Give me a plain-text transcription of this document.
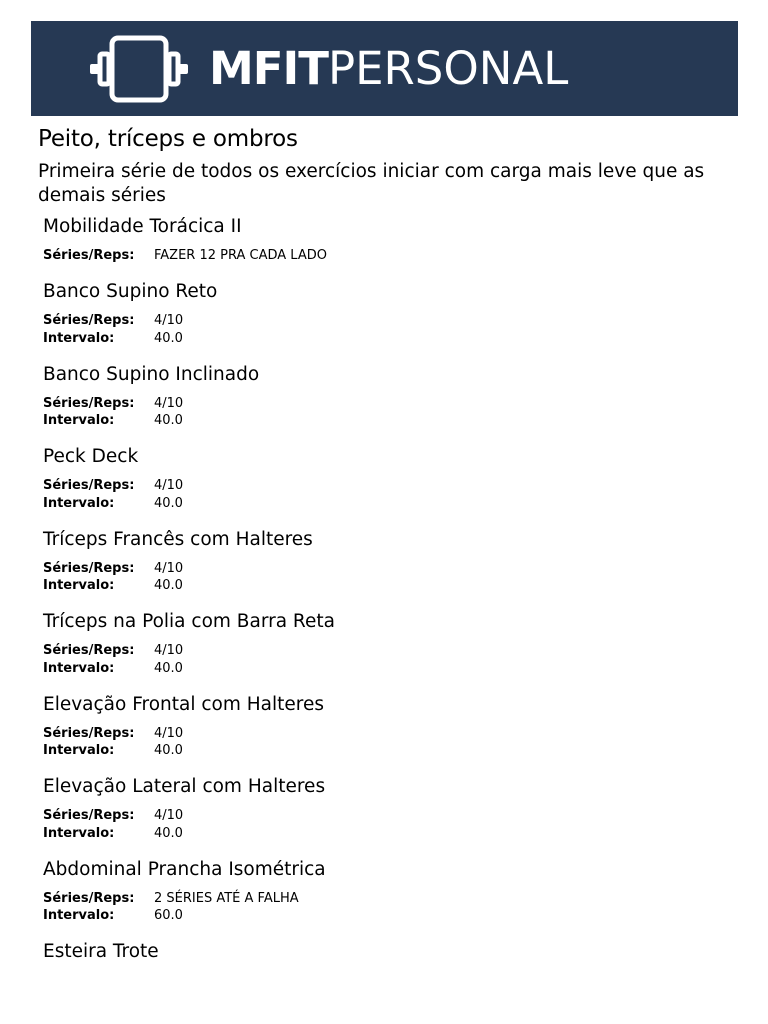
MFITPERSONAL
Peito, tríceps e ombros

Primeira série de todos os exercícios iniciar com carga mais leve que as demais séries

Mobilidade Torácica II
Séries/Reps: FAZER 12 PRA CADA LADO
Banco Supino Reto
Séries/Reps: 4/10
Intervalo:	40.0
Banco Supino Inclinado
Séries/Reps: 4/10
Intervalo:	40.0
Peck Deck
Séries/Reps: 4/10
Intervalo:	40.0
Tríceps Francês com Halteres
Séries/Reps: 4/10
Intervalo:	40.0
Tríceps na Polia com Barra Reta
Séries/Reps: 4/10
Intervalo:	40.0
Elevação Frontal com Halteres
Séries/Reps: 4/10
Intervalo:	40.0
Elevação Lateral com Halteres
Séries/Reps: 4/10
Intervalo:	40.0
Abdominal Prancha Isométrica
Séries/Reps: 2 SÉRIES ATÉ A FALHA
Intervalo:	60.0
Esteira Trote
